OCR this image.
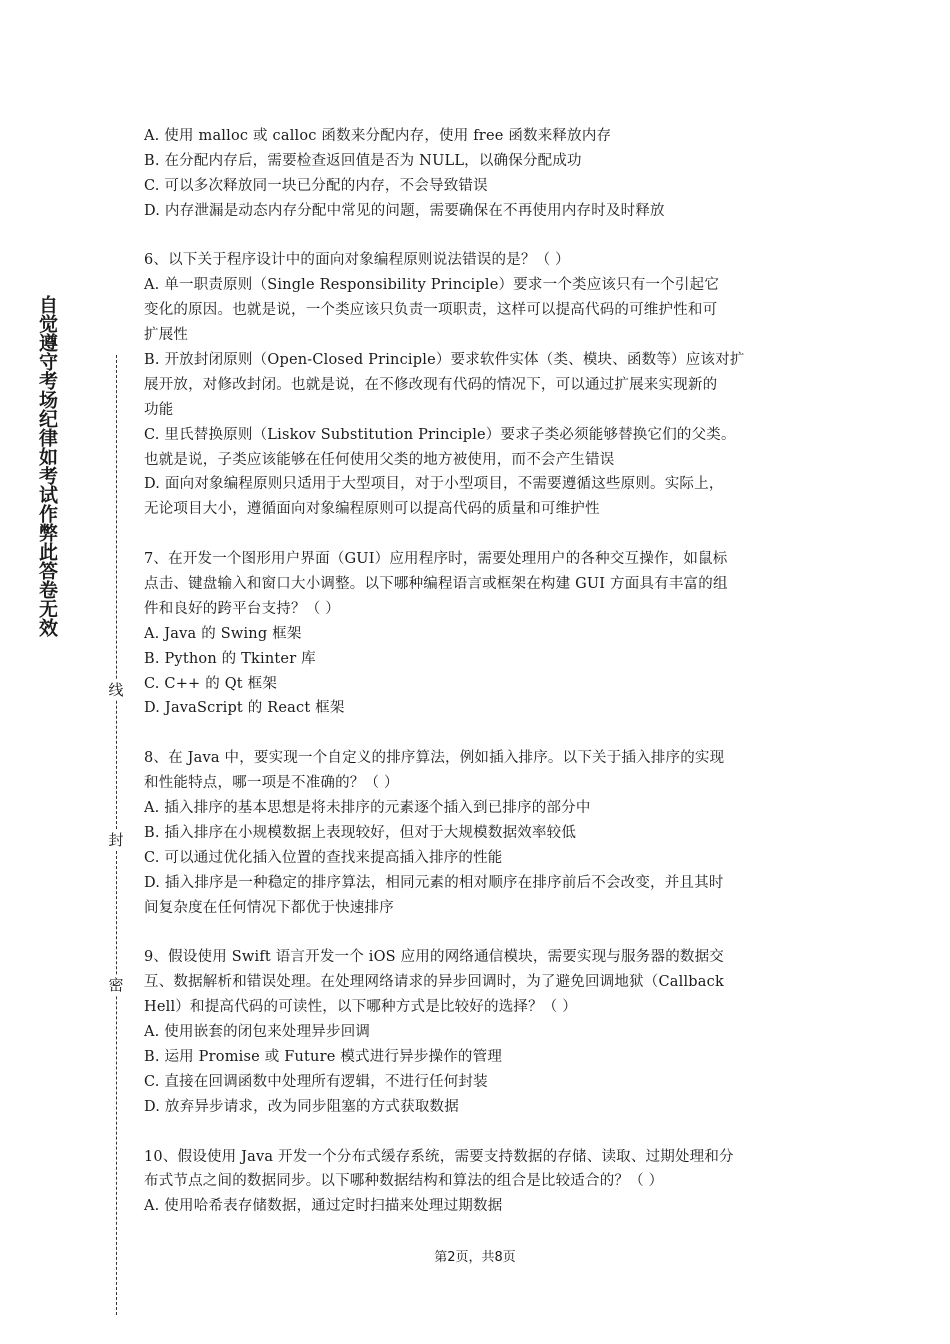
自觉遵守考场纪律如考试作弊此答卷无效
线
封
密
A. 使用 malloc 或 calloc 函数来分配内存，使用 free 函数来释放内存
B. 在分配内存后，需要检查返回值是否为 NULL，以确保分配成功
C. 可以多次释放同一块已分配的内存，不会导致错误
D. 内存泄漏是动态内存分配中常见的问题，需要确保在不再使用内存时及时释放
6、以下关于程序设计中的面向对象编程原则说法错误的是？（ ）
A. 单一职责原则（Single Responsibility Principle）要求一个类应该只有一个引起它
变化的原因。也就是说，一个类应该只负责一项职责，这样可以提高代码的可维护性和可
扩展性
B. 开放封闭原则（Open-Closed Principle）要求软件实体（类、模块、函数等）应该对扩
展开放，对修改封闭。也就是说，在不修改现有代码的情况下，可以通过扩展来实现新的
功能
C. 里氏替换原则（Liskov Substitution Principle）要求子类必须能够替换它们的父类。
也就是说，子类应该能够在任何使用父类的地方被使用，而不会产生错误
D. 面向对象编程原则只适用于大型项目，对于小型项目，不需要遵循这些原则。实际上，
无论项目大小，遵循面向对象编程原则可以提高代码的质量和可维护性
7、在开发一个图形用户界面（GUI）应用程序时，需要处理用户的各种交互操作，如鼠标
点击、键盘输入和窗口大小调整。以下哪种编程语言或框架在构建 GUI 方面具有丰富的组
件和良好的跨平台支持？（ ）
A. Java 的 Swing 框架
B. Python 的 Tkinter 库
C. C++ 的 Qt 框架
D. JavaScript 的 React 框架
8、在 Java 中，要实现一个自定义的排序算法，例如插入排序。以下关于插入排序的实现
和性能特点，哪一项是不准确的？（ ）
A. 插入排序的基本思想是将未排序的元素逐个插入到已排序的部分中
B. 插入排序在小规模数据上表现较好，但对于大规模数据效率较低
C. 可以通过优化插入位置的查找来提高插入排序的性能
D. 插入排序是一种稳定的排序算法，相同元素的相对顺序在排序前后不会改变，并且其时
间复杂度在任何情况下都优于快速排序
9、假设使用 Swift 语言开发一个 iOS 应用的网络通信模块，需要实现与服务器的数据交
互、数据解析和错误处理。在处理网络请求的异步回调时，为了避免回调地狱（Callback
Hell）和提高代码的可读性，以下哪种方式是比较好的选择？（ ）
A. 使用嵌套的闭包来处理异步回调
B. 运用 Promise 或 Future 模式进行异步操作的管理
C. 直接在回调函数中处理所有逻辑，不进行任何封装
D. 放弃异步请求，改为同步阻塞的方式获取数据
10、假设使用 Java 开发一个分布式缓存系统，需要支持数据的存储、读取、过期处理和分
布式节点之间的数据同步。以下哪种数据结构和算法的组合是比较适合的？（ ）
A. 使用哈希表存储数据，通过定时扫描来处理过期数据
第2页，共8页
